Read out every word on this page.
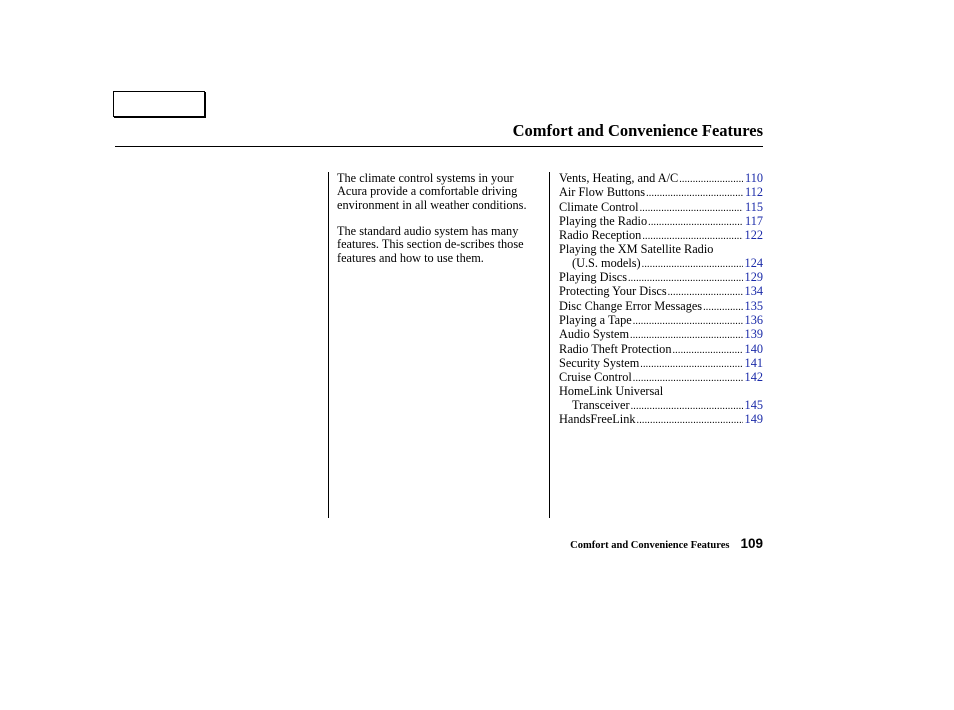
Comfort and Convenience Features

The climate control systems in your Acura provide a comfortable driving environment in all weather conditions.

The standard audio system has many features. This section de-scribes those features and how to use them.

Vents, Heating, and A/C .....	110
Air Flow Buttons .....	112
Climate Control .....	115
Playing the Radio .....	117
Radio Reception .....	122
Playing the XM Satellite Radio
(U.S. models) .....	124
Playing Discs .....	129
Protecting Your Discs .....	134
Disc Change Error Messages .....	135
Playing a Tape .....	136
Audio System .....	139
Radio Theft Protection .....	140
Security System .....	141
Cruise Control .....	142
HomeLink Universal
Transceiver .....	145
HandsFreeLink .....	149
Comfort and Convenience Features 109
